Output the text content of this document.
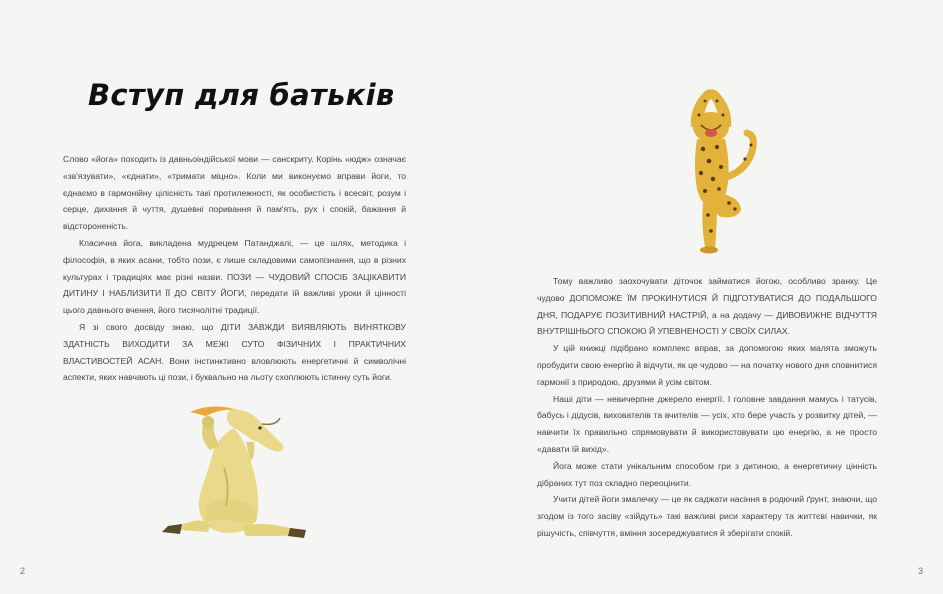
Вступ для батьків

Слово «йога» походить із давньоіндійської мови — санскриту. Корінь «юдж» означає «зв'язувати», «єднати», «тримати міцно». Коли ми виконуємо вправи йоги, то єднаємо в гармонійну цілісність такі протилежності, як особистість і всесвіт, розум і серце, дихання й чуття, душевні поривання й пам'ять, рух і спокій, бажання й відстороненість.

Класична йога, викладена мудрецем Патанджалі, — це шлях, методика і філософія, в яких асани, тобто пози, є лише складовими самопізнання, що в різних культурах і традиціях має різні назви. ПОЗИ — ЧУДОВИЙ СПОСІБ ЗАЦІКАВИТИ ДИТИНУ І НАБЛИЗИТИ ЇЇ ДО СВІТУ ЙОГИ, передати їй важливі уроки й цінності цього давнього вчення, його тисячолітні традиції.

Я зі свого досвіду знаю, що ДІТИ ЗАВЖДИ ВИЯВЛЯЮТЬ ВИНЯТКОВУ ЗДАТНІСТЬ ВИХОДИТИ ЗА МЕЖІ СУТО ФІЗИЧНИХ І ПРАКТИЧНИХ ВЛАСТИВОСТЕЙ АСАН. Вони інстинктивно вловлюють енергетичні й символічні аспекти, яких навчають ці пози, і буквально на льоту схоплюють істинну суть йоги.

2

Тому важливо заохочувати діточок займатися йогою, особливо зранку. Це чудово ДОПОМОЖЕ ЇМ ПРОКИНУТИСЯ Й ПІДГОТУВАТИСЯ ДО ПОДАЛЬШОГО ДНЯ, ПОДАРУЄ ПОЗИТИВНИЙ НАСТРІЙ, а на додачу — ДИВОВИЖНЕ ВІДЧУТТЯ ВНУТРІШНЬОГО СПОКОЮ Й УПЕВНЕНОСТІ У СВОЇХ СИЛАХ.

У цій книжці підібрано комплекс вправ, за допомогою яких малята зможуть пробудити свою енергію й відчути, як це чудово — на початку нового дня сповнитися гармонії з природою, друзями й усім світом.

Наші діти — невичерпне джерело енергії. І головне завдання мамусь і татусів, бабусь і дідусів, вихователів та вчителів — усіх, хто бере участь у розвитку дітей, — навчити їх правильно спрямовувати й використовувати цю енергію, а не просто «давати їй вихід».

Йога може стати унікальним способом гри з дитиною, а енергетичну цінність дібраних тут поз складно переоцінити.

Учити дітей йоги змалечку — це як саджати насіння в родючий ґрунт, знаючи, що згодом із того засіву «зійдуть» такі важливі риси характеру та життєві навички, як рішучість, співчуття, вміння зосереджуватися й зберігати спокій.

3
